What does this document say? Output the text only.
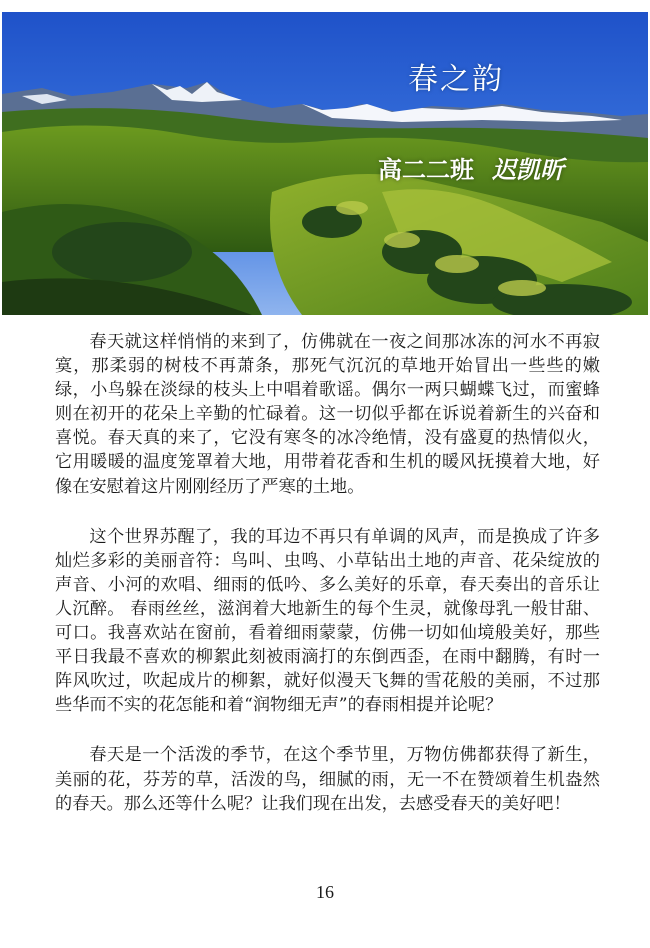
春之韵
高二二班 迟凯昕

春天就这样悄悄的来到了，仿佛就在一夜之间那冰冻的河水不再寂寞，那柔弱的树枝不再萧条，那死气沉沉的草地开始冒出一些些的嫩绿，小鸟躲在淡绿的枝头上中唱着歌谣。偶尔一两只蝴蝶飞过，而蜜蜂则在初开的花朵上辛勤的忙碌着。这一切似乎都在诉说着新生的兴奋和喜悦。春天真的来了，它没有寒冬的冰冷绝情，没有盛夏的热情似火，它用暖暖的温度笼罩着大地，用带着花香和生机的暖风抚摸着大地，好像在安慰着这片刚刚经历了严寒的土地。

这个世界苏醒了，我的耳边不再只有单调的风声，而是换成了许多灿烂多彩的美丽音符：鸟叫、虫鸣、小草钻出土地的声音、花朵绽放的声音、小河的欢唱、细雨的低吟、多么美好的乐章，春天奏出的音乐让人沉醉。 春雨丝丝，滋润着大地新生的每个生灵，就像母乳一般甘甜、可口。我喜欢站在窗前，看着细雨蒙蒙，仿佛一切如仙境般美好，那些平日我最不喜欢的柳絮此刻被雨滴打的东倒西歪，在雨中翻腾，有时一阵风吹过，吹起成片的柳絮，就好似漫天飞舞的雪花般的美丽，不过那些华而不实的花怎能和着“润物细无声”的春雨相提并论呢？

春天是一个活泼的季节，在这个季节里，万物仿佛都获得了新生，美丽的花，芬芳的草，活泼的鸟，细腻的雨，无一不在赞颂着生机盎然的春天。那么还等什么呢？让我们现在出发，去感受春天的美好吧！

16
